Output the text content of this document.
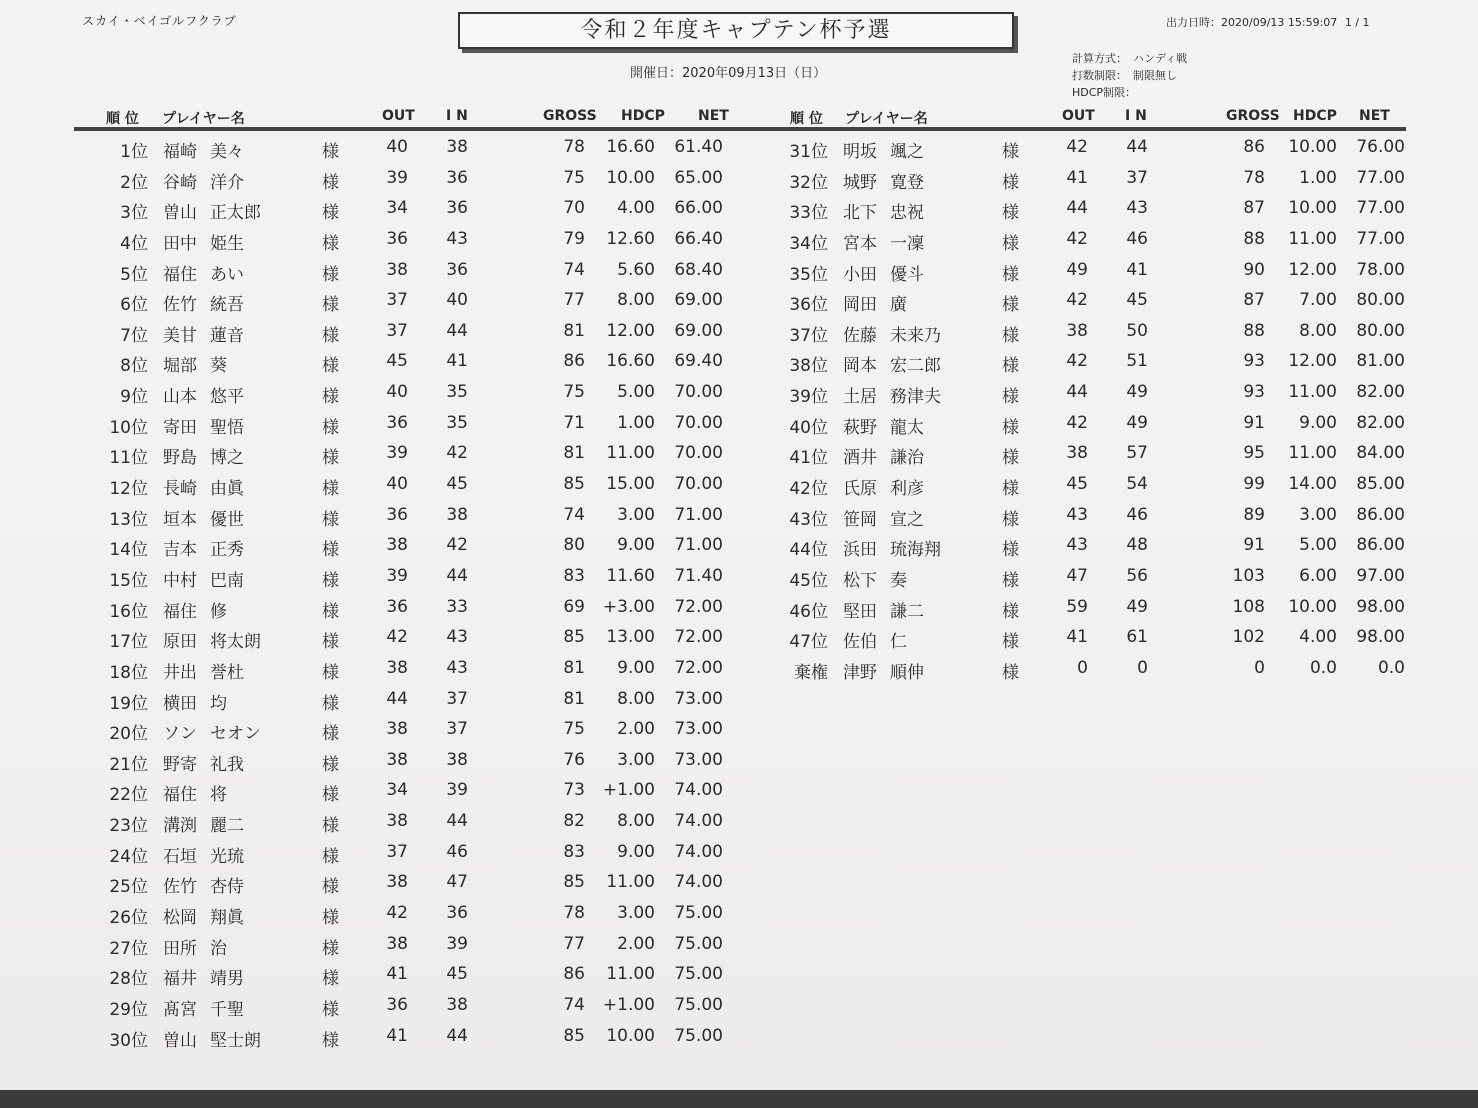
スカイ・ベイゴルフクラブ	令和２年度キャプテン杯予選	出力日時：2020/09/13 15:59:07 1 / 1
開催日：2020年09月13日（日）
計算方式： ハンディ戦
打数制限： 制限無し
HDCP制限：
順 位 プレイヤー名	OUT I N	GROSS HDCP NET	順 位 プレイヤー名	OUT I N	GROSS HDCP NET
1位 福崎 美々	様	40	38	78	16.60	61.40
2位 谷崎 洋介	様	39	36	75	10.00	65.00
3位 曽山 正太郎	様	34	36	70	4.00	66.00
4位 田中 姫生	様	36	43	79	12.60	66.40
5位 福住 あい	様	38	36	74	5.60	68.40
6位 佐竹 統吾	様	37	40	77	8.00	69.00
7位 美甘 蓮音	様	37	44	81	12.00	69.00
8位 堀部 葵	様	45	41	86	16.60	69.40
9位 山本 悠平	様	40	35	75	5.00	70.00
10位 寄田 聖悟	様	36	35	71	1.00	70.00
11位 野島 博之	様	39	42	81	11.00	70.00
12位 長崎 由眞	様	40	45	85	15.00	70.00
13位 垣本 優世	様	36	38	74	3.00	71.00
14位 吉本 正秀	様	38	42	80	9.00	71.00
15位 中村 巴南	様	39	44	83	11.60	71.40
16位 福住 修	様	36	33	69	+3.00	72.00
17位 原田 将太朗	様	42	43	85	13.00	72.00
18位 井出 誉杜	様	38	43	81	9.00	72.00
19位 横田 均	様	44	37	81	8.00	73.00
20位 ソン セオン	様	38	37	75	2.00	73.00
21位 野寄 礼我	様	38	38	76	3.00	73.00
22位 福住 将	様	34	39	73	+1.00	74.00
23位 溝渕 麗二	様	38	44	82	8.00	74.00
24位 石垣 光琉	様	37	46	83	9.00	74.00
25位 佐竹 杏侍	様	38	47	85	11.00	74.00
26位 松岡 翔眞	様	42	36	78	3.00	75.00
27位 田所 治	様	38	39	77	2.00	75.00
28位 福井 靖男	様	41	45	86	11.00	75.00
29位 髙宮 千聖	様	36	38	74	+1.00	75.00
30位 曽山 堅士朗	様	41	44	85	10.00	75.00
31位 明坂 颯之	様	42	44	86	10.00	76.00
32位 城野 寛登	様	41	37	78	1.00	77.00
33位 北下 忠祝	様	44	43	87	10.00	77.00
34位 宮本 一凜	様	42	46	88	11.00	77.00
35位 小田 優斗	様	49	41	90	12.00	78.00
36位 岡田 廣	様	42	45	87	7.00	80.00
37位 佐藤 未来乃	様	38	50	88	8.00	80.00
38位 岡本 宏二郎	様	42	51	93	12.00	81.00
39位 土居 務津夫	様	44	49	93	11.00	82.00
40位 萩野 龍太	様	42	49	91	9.00	82.00
41位 酒井 謙治	様	38	57	95	11.00	84.00
42位 氏原 利彦	様	45	54	99	14.00	85.00
43位 笹岡 宣之	様	43	46	89	3.00	86.00
44位 浜田 琉海翔	様	43	48	91	5.00	86.00
45位 松下 奏	様	47	56	103	6.00	97.00
46位 堅田 謙二	様	59	49	108	10.00	98.00
47位 佐伯 仁	様	41	61	102	4.00	98.00
棄権 津野 順伸	様	0	0	0	0.0	0.0
